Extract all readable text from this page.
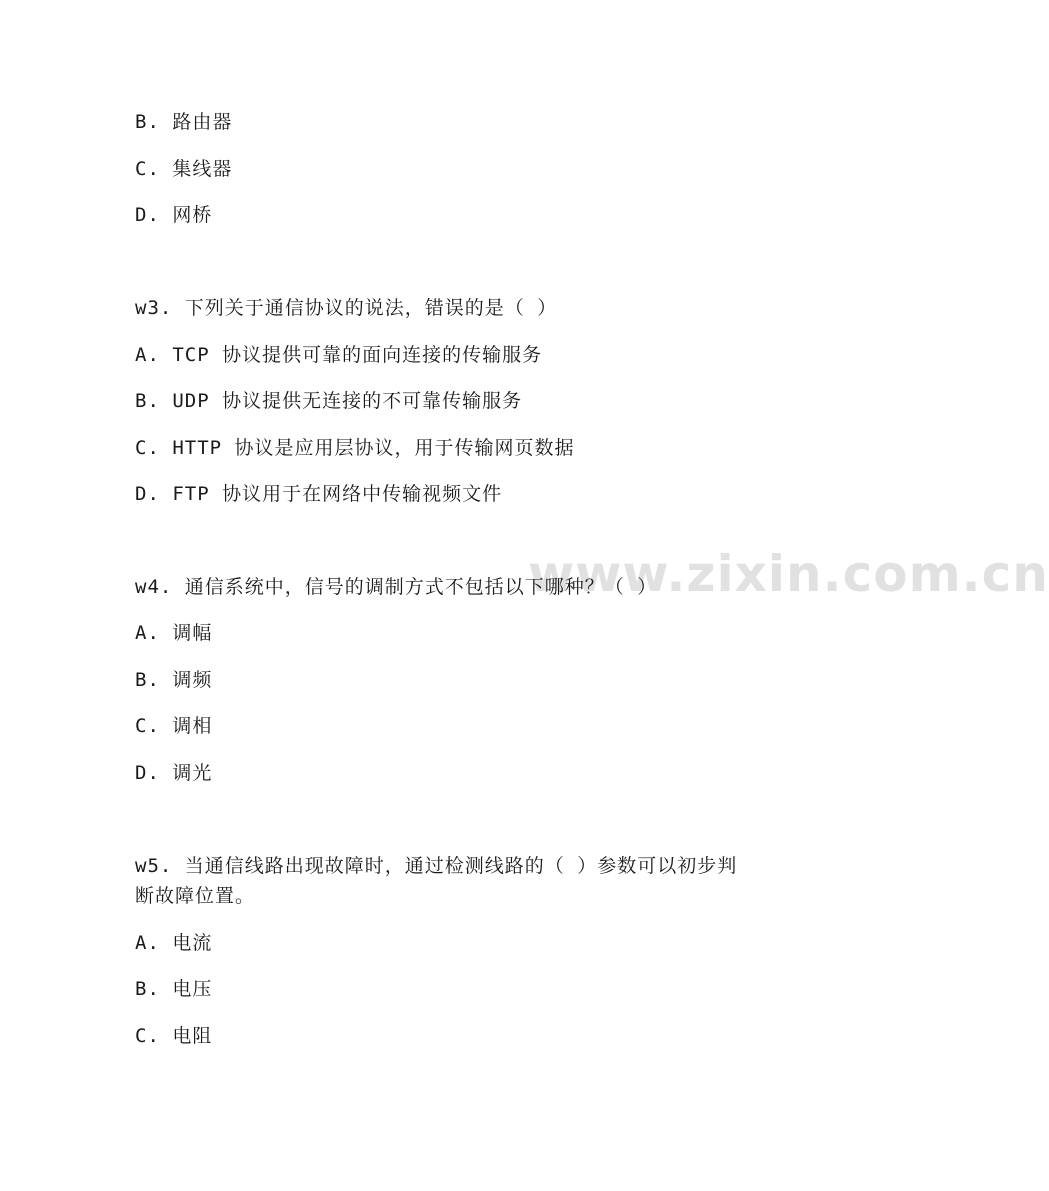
www.zixin.com.cn
B. 路由器
C. 集线器
D. 网桥
w3. 下列关于通信协议的说法，错误的是（ ）
A. TCP 协议提供可靠的面向连接的传输服务
B. UDP 协议提供无连接的不可靠传输服务
C. HTTP 协议是应用层协议，用于传输网页数据
D. FTP 协议用于在网络中传输视频文件
w4. 通信系统中，信号的调制方式不包括以下哪种？（ ）
A. 调幅
B. 调频
C. 调相
D. 调光
w5. 当通信线路出现故障时，通过检测线路的（ ）参数可以初步判
断故障位置。
A. 电流
B. 电压
C. 电阻
